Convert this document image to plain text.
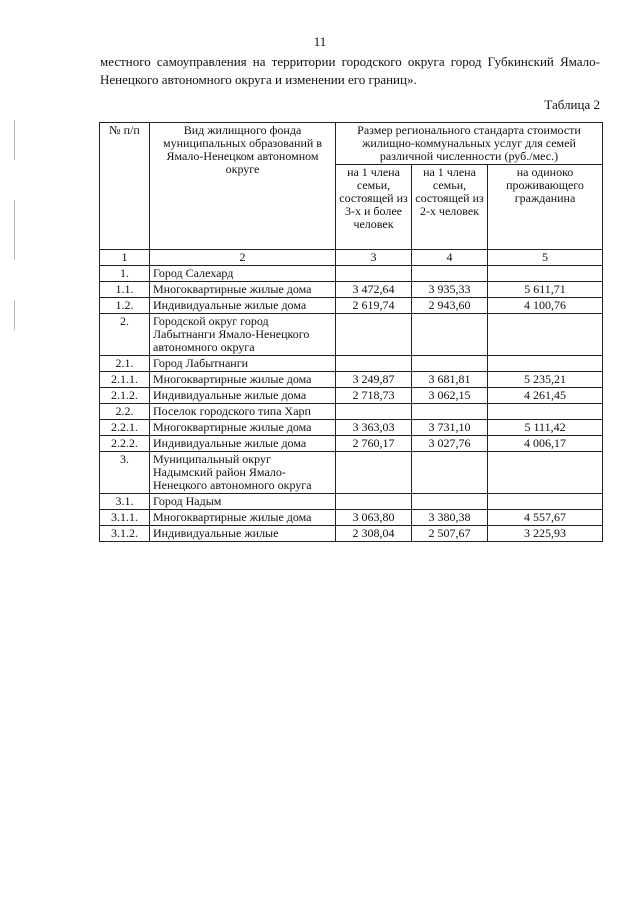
11
местного самоуправления на территории городского округа город Губкинский Ямало-Ненецкого автономного округа и изменении его границ».
Таблица 2
№ п/п	Вид жилищного фонда муниципальных образований в Ямало-Ненецком автономном округе	Размер регионального стандарта стоимости жилищно-коммунальных услуг для семей различной численности (руб./мес.)		
		на 1 члена семьи, состоящей из 3-х и более человек	на 1 члена семьи, состоящей из 2-х человек	на одиноко проживающего гражданина
1	2	3	4	5
1.	Город Салехард			
1.1.	Многоквартирные жилые дома	3 472,64	3 935,33	5 611,71
1.2.	Индивидуальные жилые дома	2 619,74	2 943,60	4 100,76
2.	Городской округ город Лабытнанги Ямало-Ненецкого автономного округа			
2.1.	Город Лабытнанги			
2.1.1.	Многоквартирные жилые дома	3 249,87	3 681,81	5 235,21
2.1.2.	Индивидуальные жилые дома	2 718,73	3 062,15	4 261,45
2.2.	Поселок городского типа Харп			
2.2.1.	Многоквартирные жилые дома	3 363,03	3 731,10	5 111,42
2.2.2.	Индивидуальные жилые дома	2 760,17	3 027,76	4 006,17
3.	Муниципальный округ Надымский район Ямало-Ненецкого автономного округа			
3.1.	Город Надым			
3.1.1.	Многоквартирные жилые дома	3 063,80	3 380,38	4 557,67
3.1.2.	Индивидуальные жилые	2 308,04	2 507,67	3 225,93
